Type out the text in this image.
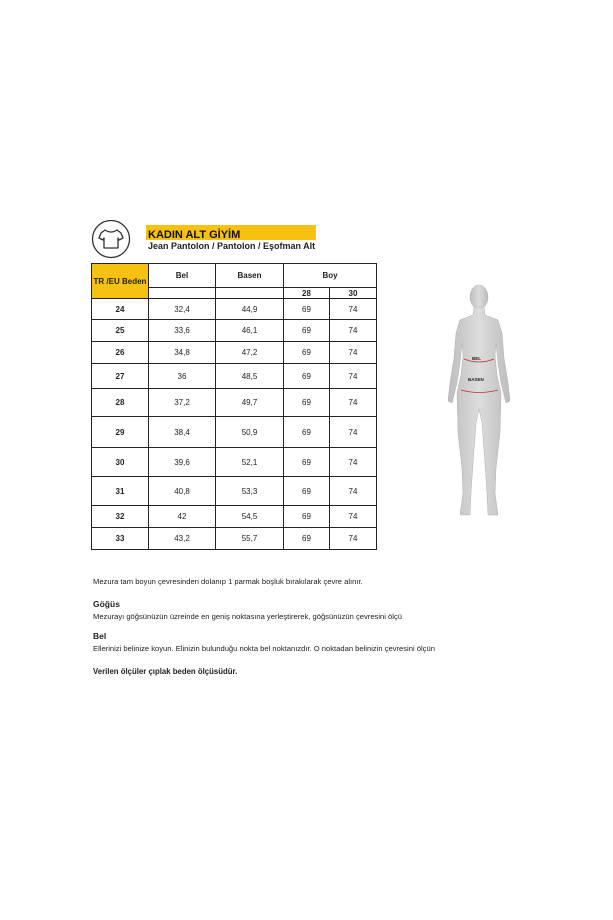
KADIN ALT GİYİM
Jean Pantolon / Pantolon / Eşofman Alt
TR /EU Beden	Bel	Basen	Boy	
			28	30
24	32,4	44,9	69	74
25	33,6	46,1	69	74
26	34,8	47,2	69	74
27	36	48,5	69	74
28	37,2	49,7	69	74
29	38,4	50,9	69	74
30	39,6	52,1	69	74
31	40,8	53,3	69	74
32	42	54,5	69	74
33	43,2	55,7	69	74
BEL
BASEN
Mezura tam boyun çevresinden dolanıp 1 parmak boşluk bırakılarak çevre alınır.
Göğüs
Mezurayı göğsünüzün üzreinde en geniş noktasına yerleştirerek, göğsünüzün çevresini ölçü
Bel
Ellerinizi belinize koyun. Elinizin bulunduğu nokta bel noktanızdır. O noktadan belinizin çevresini ölçün
Verilen ölçüler çıplak beden ölçüsüdür.
